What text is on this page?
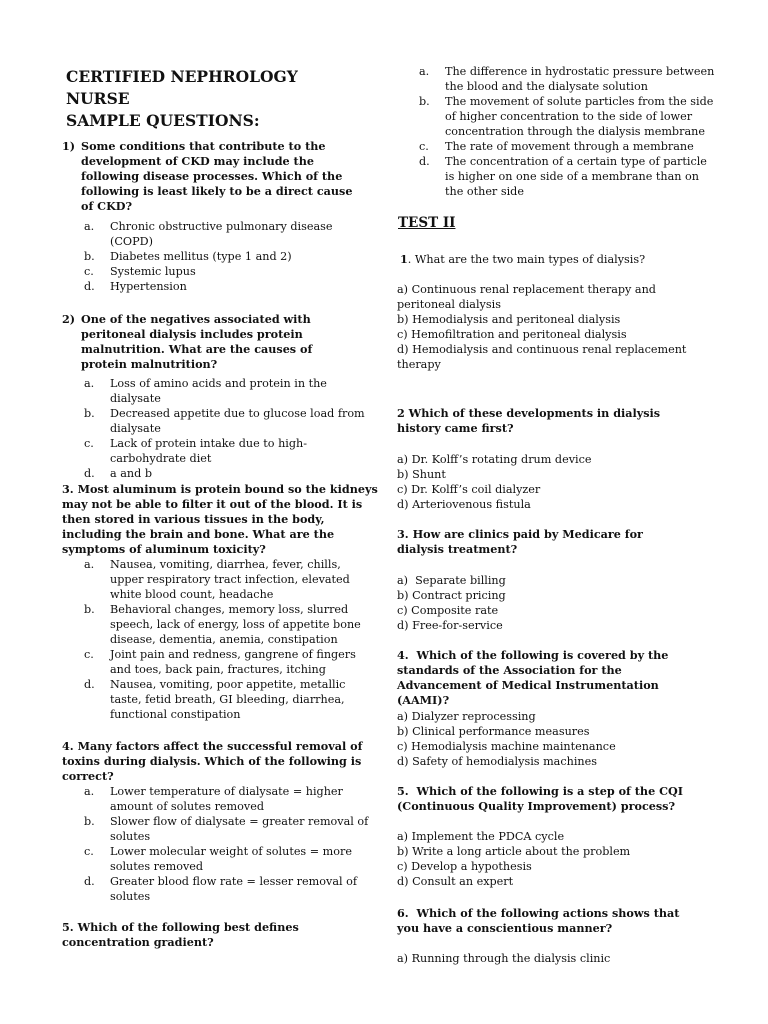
CERTIFIED NEPHROLOGY NURSE
SAMPLE QUESTIONS:

1) Some conditions that contribute to the development of CKD may include the following disease processes. Which of the following is least likely to be a direct cause of CKD?

a.	Chronic obstructive pulmonary disease (COPD)
b.	Diabetes mellitus (type 1 and 2)
c.	Systemic lupus
d.	Hypertension

2) One of the negatives associated with peritoneal dialysis includes protein malnutrition. What are the causes of protein malnutrition?

a.	Loss of amino acids and protein in the dialysate
b.	Decreased appetite due to glucose load from dialysate
c.	Lack of protein intake due to high-carbohydrate diet
d.	a and b

3. Most aluminum is protein bound so the kidneys may not be able to filter it out of the blood. It is then stored in various tissues in the body, including the brain and bone. What are the symptoms of aluminum toxicity?

a.	Nausea, vomiting, diarrhea, fever, chills, upper respiratory tract infection, elevated white blood count, headache
b.	Behavioral changes, memory loss, slurred speech, lack of energy, loss of appetite bone disease, dementia, anemia, constipation
c.	Joint pain and redness, gangrene of fingers and toes, back pain, fractures, itching
d.	Nausea, vomiting, poor appetite, metallic taste, fetid breath, GI bleeding, diarrhea, functional constipation

4. Many factors affect the successful removal of toxins during dialysis. Which of the following is correct?

a.	Lower temperature of dialysate = higher amount of solutes removed
b.	Slower flow of dialysate = greater removal of solutes
c.	Lower molecular weight of solutes = more solutes removed
d.	Greater blood flow rate = lesser removal of solutes

5. Which of the following best defines concentration gradient?

a.	The difference in hydrostatic pressure between the blood and the dialysate solution
b.	The movement of solute particles from the side of higher concentration to the side of lower concentration through the dialysis membrane
c.	The rate of movement through a membrane
d.	The concentration of a certain type of particle is higher on one side of a membrane than on the other side
TEST II

1. What are the two main types of dialysis?

a) Continuous renal replacement therapy and peritoneal dialysis
b) Hemodialysis and peritoneal dialysis
c) Hemofiltration and peritoneal dialysis
d) Hemodialysis and continuous renal replacement therapy

2 Which of these developments in dialysis history came first?

a) Dr. Kolff’s rotating drum device
b) Shunt
c) Dr. Kolff’s coil dialyzer
d) Arteriovenous fistula

3. How are clinics paid by Medicare for dialysis treatment?

a)  Separate billing
b) Contract pricing
c) Composite rate
d) Free-for-service

4.  Which of the following is covered by the standards of the Association for the Advancement of Medical Instrumentation (AAMI)?

a) Dialyzer reprocessing
b) Clinical performance measures
c) Hemodialysis machine maintenance
d) Safety of hemodialysis machines

5.  Which of the following is a step of the CQI (Continuous Quality Improvement) process?

a) Implement the PDCA cycle
b) Write a long article about the problem
c) Develop a hypothesis
d) Consult an expert

6.  Which of the following actions shows that you have a conscientious manner?

a) Running through the dialysis clinic
